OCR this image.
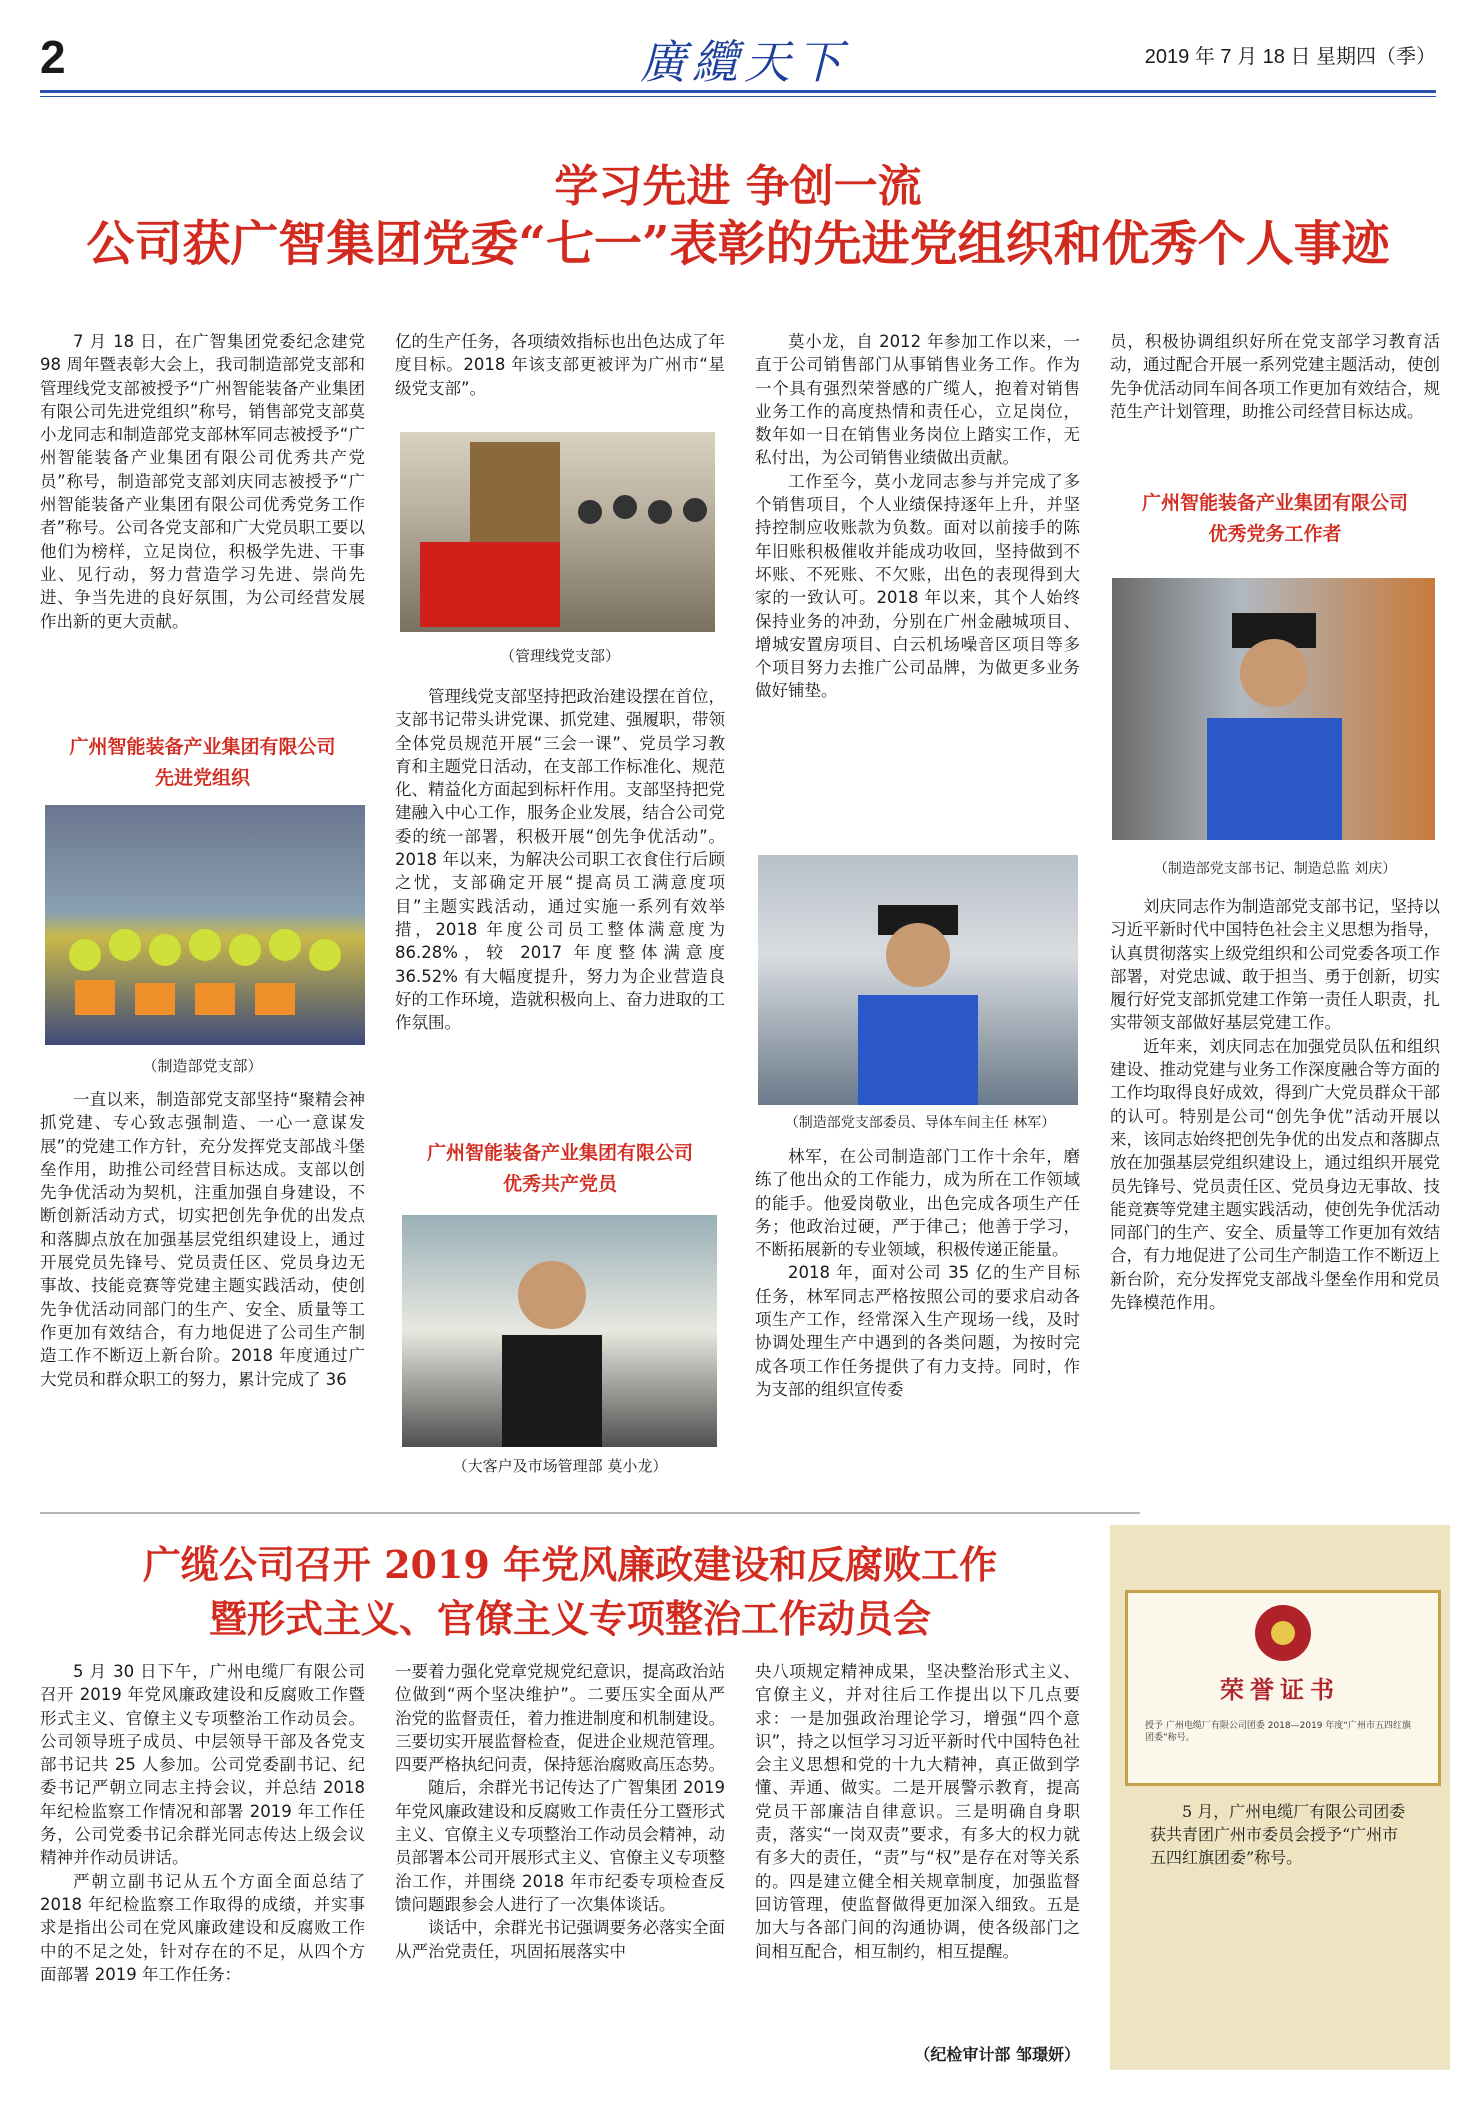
2	廣纜天下	2019 年 7 月 18 日 星期四（季）
学习先进 争创一流
公司获广智集团党委“七一”表彰的先进党组织和优秀个人事迹

7 月 18 日，在广智集团党委纪念建党 98 周年暨表彰大会上，我司制造部党支部和管理线党支部被授予“广州智能装备产业集团有限公司先进党组织”称号，销售部党支部莫小龙同志和制造部党支部林军同志被授予“广州智能装备产业集团有限公司优秀共产党员”称号，制造部党支部刘庆同志被授予“广州智能装备产业集团有限公司优秀党务工作者”称号。公司各党支部和广大党员职工要以他们为榜样，立足岗位，积极学先进、干事业、见行动，努力营造学习先进、崇尚先进、争当先进的良好氛围，为公司经营发展作出新的更大贡献。

广州智能装备产业集团有限公司
先进党组织
（制造部党支部）

一直以来，制造部党支部坚持“聚精会神抓党建、专心致志强制造、一心一意谋发展”的党建工作方针，充分发挥党支部战斗堡垒作用，助推公司经营目标达成。支部以创先争优活动为契机，注重加强自身建设，不断创新活动方式，切实把创先争优的出发点和落脚点放在加强基层党组织建设上，通过开展党员先锋号、党员责任区、党员身边无事故、技能竞赛等党建主题实践活动，使创先争优活动同部门的生产、安全、质量等工作更加有效结合，有力地促进了公司生产制造工作不断迈上新台阶。2018 年度通过广大党员和群众职工的努力，累计完成了 36

亿的生产任务，各项绩效指标也出色达成了年度目标。2018 年该支部更被评为广州市“星级党支部”。

（管理线党支部）

管理线党支部坚持把政治建设摆在首位，支部书记带头讲党课、抓党建、强履职，带领全体党员规范开展“三会一课”、党员学习教育和主题党日活动，在支部工作标准化、规范化、精益化方面起到标杆作用。支部坚持把党建融入中心工作，服务企业发展，结合公司党委的统一部署，积极开展“创先争优活动”。2018 年以来，为解决公司职工衣食住行后顾之忧，支部确定开展“提高员工满意度项目”主题实践活动，通过实施一系列有效举措，2018 年度公司员工整体满意度为 86.28%，较 2017 年度整体满意度 36.52% 有大幅度提升，努力为企业营造良好的工作环境，造就积极向上、奋力进取的工作氛围。

广州智能装备产业集团有限公司
优秀共产党员
（大客户及市场管理部 莫小龙）

莫小龙，自 2012 年参加工作以来，一直于公司销售部门从事销售业务工作。作为一个具有强烈荣誉感的广缆人，抱着对销售业务工作的高度热情和责任心，立足岗位，数年如一日在销售业务岗位上踏实工作，无私付出，为公司销售业绩做出贡献。

工作至今，莫小龙同志参与并完成了多个销售项目，个人业绩保持逐年上升，并坚持控制应收账款为负数。面对以前接手的陈年旧账积极催收并能成功收回，坚持做到不坏账、不死账、不欠账，出色的表现得到大家的一致认可。2018 年以来，其个人始终保持业务的冲劲，分别在广州金融城项目、增城安置房项目、白云机场噪音区项目等多个项目努力去推广公司品牌，为做更多业务做好铺垫。

（制造部党支部委员、导体车间主任 林军）

林军，在公司制造部门工作十余年，磨练了他出众的工作能力，成为所在工作领域的能手。他爱岗敬业，出色完成各项生产任务；他政治过硬，严于律己；他善于学习，不断拓展新的专业领域，积极传递正能量。

2018 年，面对公司 35 亿的生产目标任务，林军同志严格按照公司的要求启动各项生产工作，经常深入生产现场一线，及时协调处理生产中遇到的各类问题，为按时完成各项工作任务提供了有力支持。同时，作为支部的组织宣传委

员，积极协调组织好所在党支部学习教育活动，通过配合开展一系列党建主题活动，使创先争优活动同车间各项工作更加有效结合，规范生产计划管理，助推公司经营目标达成。

广州智能装备产业集团有限公司
优秀党务工作者
（制造部党支部书记、制造总监 刘庆）

刘庆同志作为制造部党支部书记，坚持以习近平新时代中国特色社会主义思想为指导，认真贯彻落实上级党组织和公司党委各项工作部署，对党忠诚、敢于担当、勇于创新，切实履行好党支部抓党建工作第一责任人职责，扎实带领支部做好基层党建工作。

近年来，刘庆同志在加强党员队伍和组织建设、推动党建与业务工作深度融合等方面的工作均取得良好成效，得到广大党员群众干部的认可。特别是公司“创先争优”活动开展以来，该同志始终把创先争优的出发点和落脚点放在加强基层党组织建设上，通过组织开展党员先锋号、党员责任区、党员身边无事故、技能竞赛等党建主题实践活动，使创先争优活动同部门的生产、安全、质量等工作更加有效结合，有力地促进了公司生产制造工作不断迈上新台阶，充分发挥党支部战斗堡垒作用和党员先锋模范作用。

广缆公司召开 2019 年党风廉政建设和反腐败工作
暨形式主义、官僚主义专项整治工作动员会

5 月 30 日下午，广州电缆厂有限公司召开 2019 年党风廉政建设和反腐败工作暨形式主义、官僚主义专项整治工作动员会。公司领导班子成员、中层领导干部及各党支部书记共 25 人参加。公司党委副书记、纪委书记严朝立同志主持会议，并总结 2018 年纪检监察工作情况和部署 2019 年工作任务，公司党委书记余群光同志传达上级会议精神并作动员讲话。

严朝立副书记从五个方面全面总结了 2018 年纪检监察工作取得的成绩，并实事求是指出公司在党风廉政建设和反腐败工作中的不足之处，针对存在的不足，从四个方面部署 2019 年工作任务：

一要着力强化党章党规党纪意识，提高政治站位做到“两个坚决维护”。二要压实全面从严治党的监督责任，着力推进制度和机制建设。三要切实开展监督检查，促进企业规范管理。四要严格执纪问责，保持惩治腐败高压态势。

随后，余群光书记传达了广智集团 2019 年党风廉政建设和反腐败工作责任分工暨形式主义、官僚主义专项整治工作动员会精神，动员部署本公司开展形式主义、官僚主义专项整治工作，并围绕 2018 年市纪委专项检查反馈问题跟参会人进行了一次集体谈话。

谈话中，余群光书记强调要务必落实全面从严治党责任，巩固拓展落实中

央八项规定精神成果，坚决整治形式主义、官僚主义，并对往后工作提出以下几点要求：一是加强政治理论学习，增强“四个意识”，持之以恒学习习近平新时代中国特色社会主义思想和党的十九大精神，真正做到学懂、弄通、做实。二是开展警示教育，提高党员干部廉洁自律意识。三是明确自身职责，落实“一岗双责”要求，有多大的权力就有多大的责任，“责”与“权”是存在对等关系的。四是建立健全相关规章制度，加强监督回访管理，使监督做得更加深入细致。五是加大与各部门间的沟通协调，使各级部门之间相互配合，相互制约，相互提醒。

（纪检审计部 邹璟妍）
荣誉证书
授予 广州电缆厂有限公司团委 2018—2019 年度“广州市五四红旗团委”称号。
5 月，广州电缆厂有限公司团委获共青团广州市委员会授予“广州市五四红旗团委”称号。
